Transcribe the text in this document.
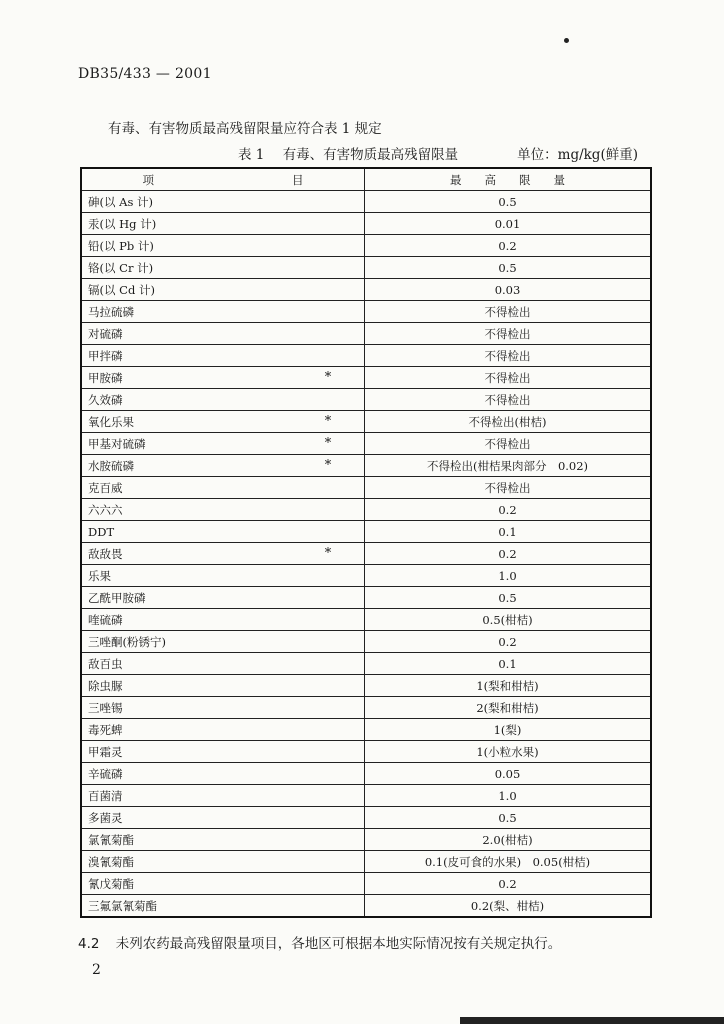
DB35/433 — 2001
有毒、有害物质最高残留限量应符合表 1 规定
表 1 有毒、有害物质最高残留限量	单位：mg/kg(鲜重)
项　　　　　　　　　　　　目	最　　高　　限　　量

砷(以 As 计)	0.5

汞(以 Hg 计)	0.01

铅(以 Pb 计)	0.2

铬(以 Cr 计)	0.5

镉(以 Cd 计)	0.03

马拉硫磷	不得检出

对硫磷	不得检出

甲拌磷	不得检出

甲胺磷 *	不得检出

久效磷	不得检出

氧化乐果 *	不得检出(柑桔)

甲基对硫磷 *	不得检出

水胺硫磷 *	不得检出(柑桔果肉部分　0.02)

克百威	不得检出

六六六	0.2

DDT	0.1

敌敌畏 *	0.2

乐果	1.0

乙酰甲胺磷	0.5

喹硫磷	0.5(柑桔)

三唑酮(粉锈宁)	0.2

敌百虫	0.1

除虫脲	1(梨和柑桔)

三唑锡	2(梨和柑桔)

毒死蜱	1(梨)

甲霜灵	1(小粒水果)

辛硫磷	0.05

百菌清	1.0

多菌灵	0.5

氯氰菊酯	2.0(柑桔)

溴氰菊酯	0.1(皮可食的水果)　0.05(柑桔)

氰戊菊酯	0.2

三氟氯氰菊酯	0.2(梨、柑桔)
4.2 未列农药最高残留限量项目，各地区可根据本地实际情况按有关规定执行。
2
